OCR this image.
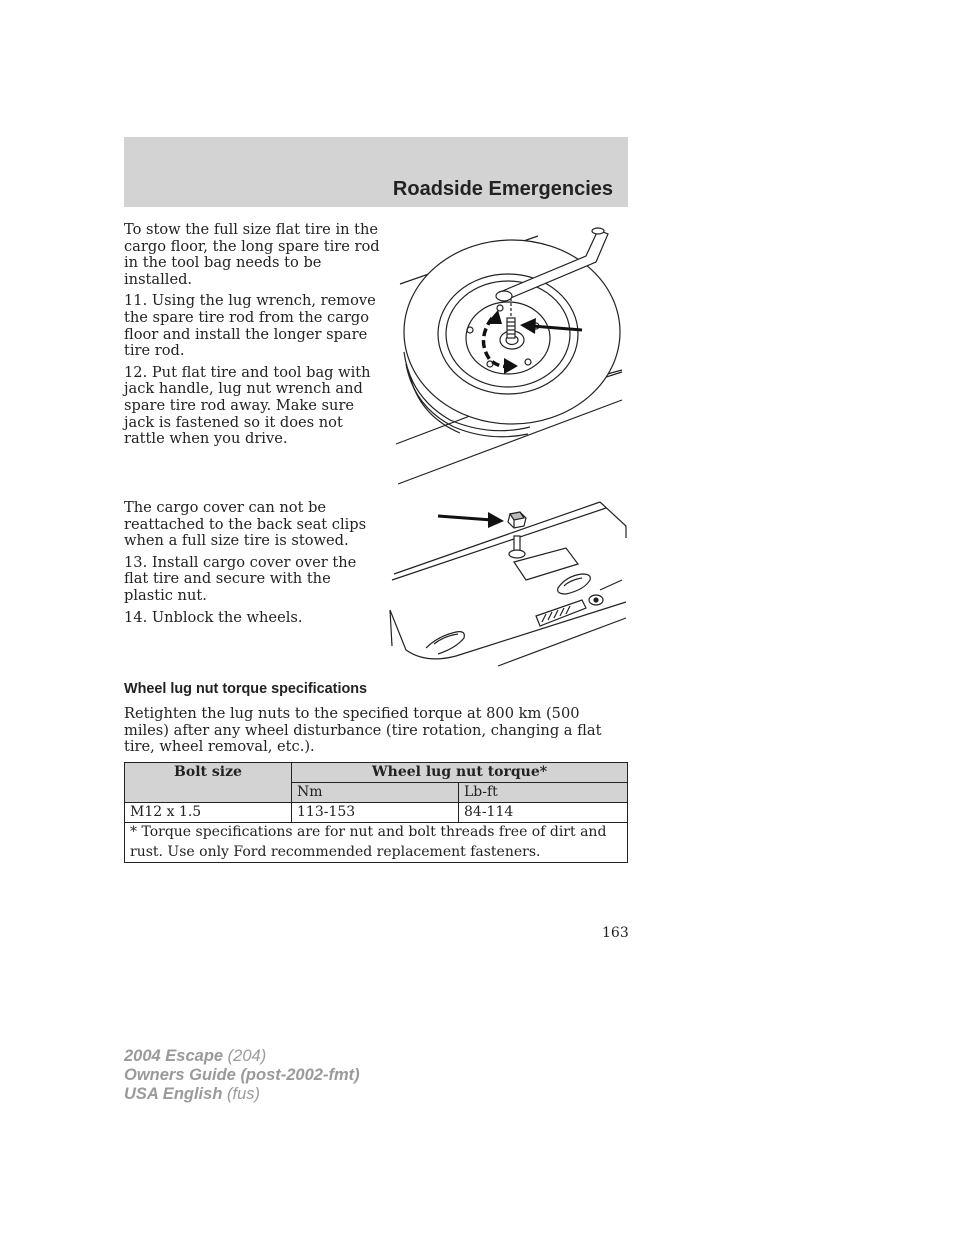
Roadside Emergencies

To stow the full size flat tire in the cargo floor, the long spare tire rod in the tool bag needs to be installed.

11. Using the lug wrench, remove the spare tire rod from the cargo floor and install the longer spare tire rod.

12. Put flat tire and tool bag with jack handle, lug nut wrench and spare tire rod away. Make sure jack is fastened so it does not rattle when you drive.

The cargo cover can not be reattached to the back seat clips when a full size tire is stowed.

13. Install cargo cover over the flat tire and secure with the plastic nut.

14. Unblock the wheels.

Wheel lug nut torque specifications

Retighten the lug nuts to the specified torque at 800 km (500 miles) after any wheel disturbance (tire rotation, changing a flat tire, wheel removal, etc.).

Bolt size	Wheel lug nut torque*	
	Nm	Lb-ft
M12 x 1.5	113-153	84-114
* Torque specifications are for nut and bolt threads free of dirt and rust. Use only Ford recommended replacement fasteners.		
163
2004 Escape (204)
Owners Guide (post-2002-fmt)
USA English (fus)
